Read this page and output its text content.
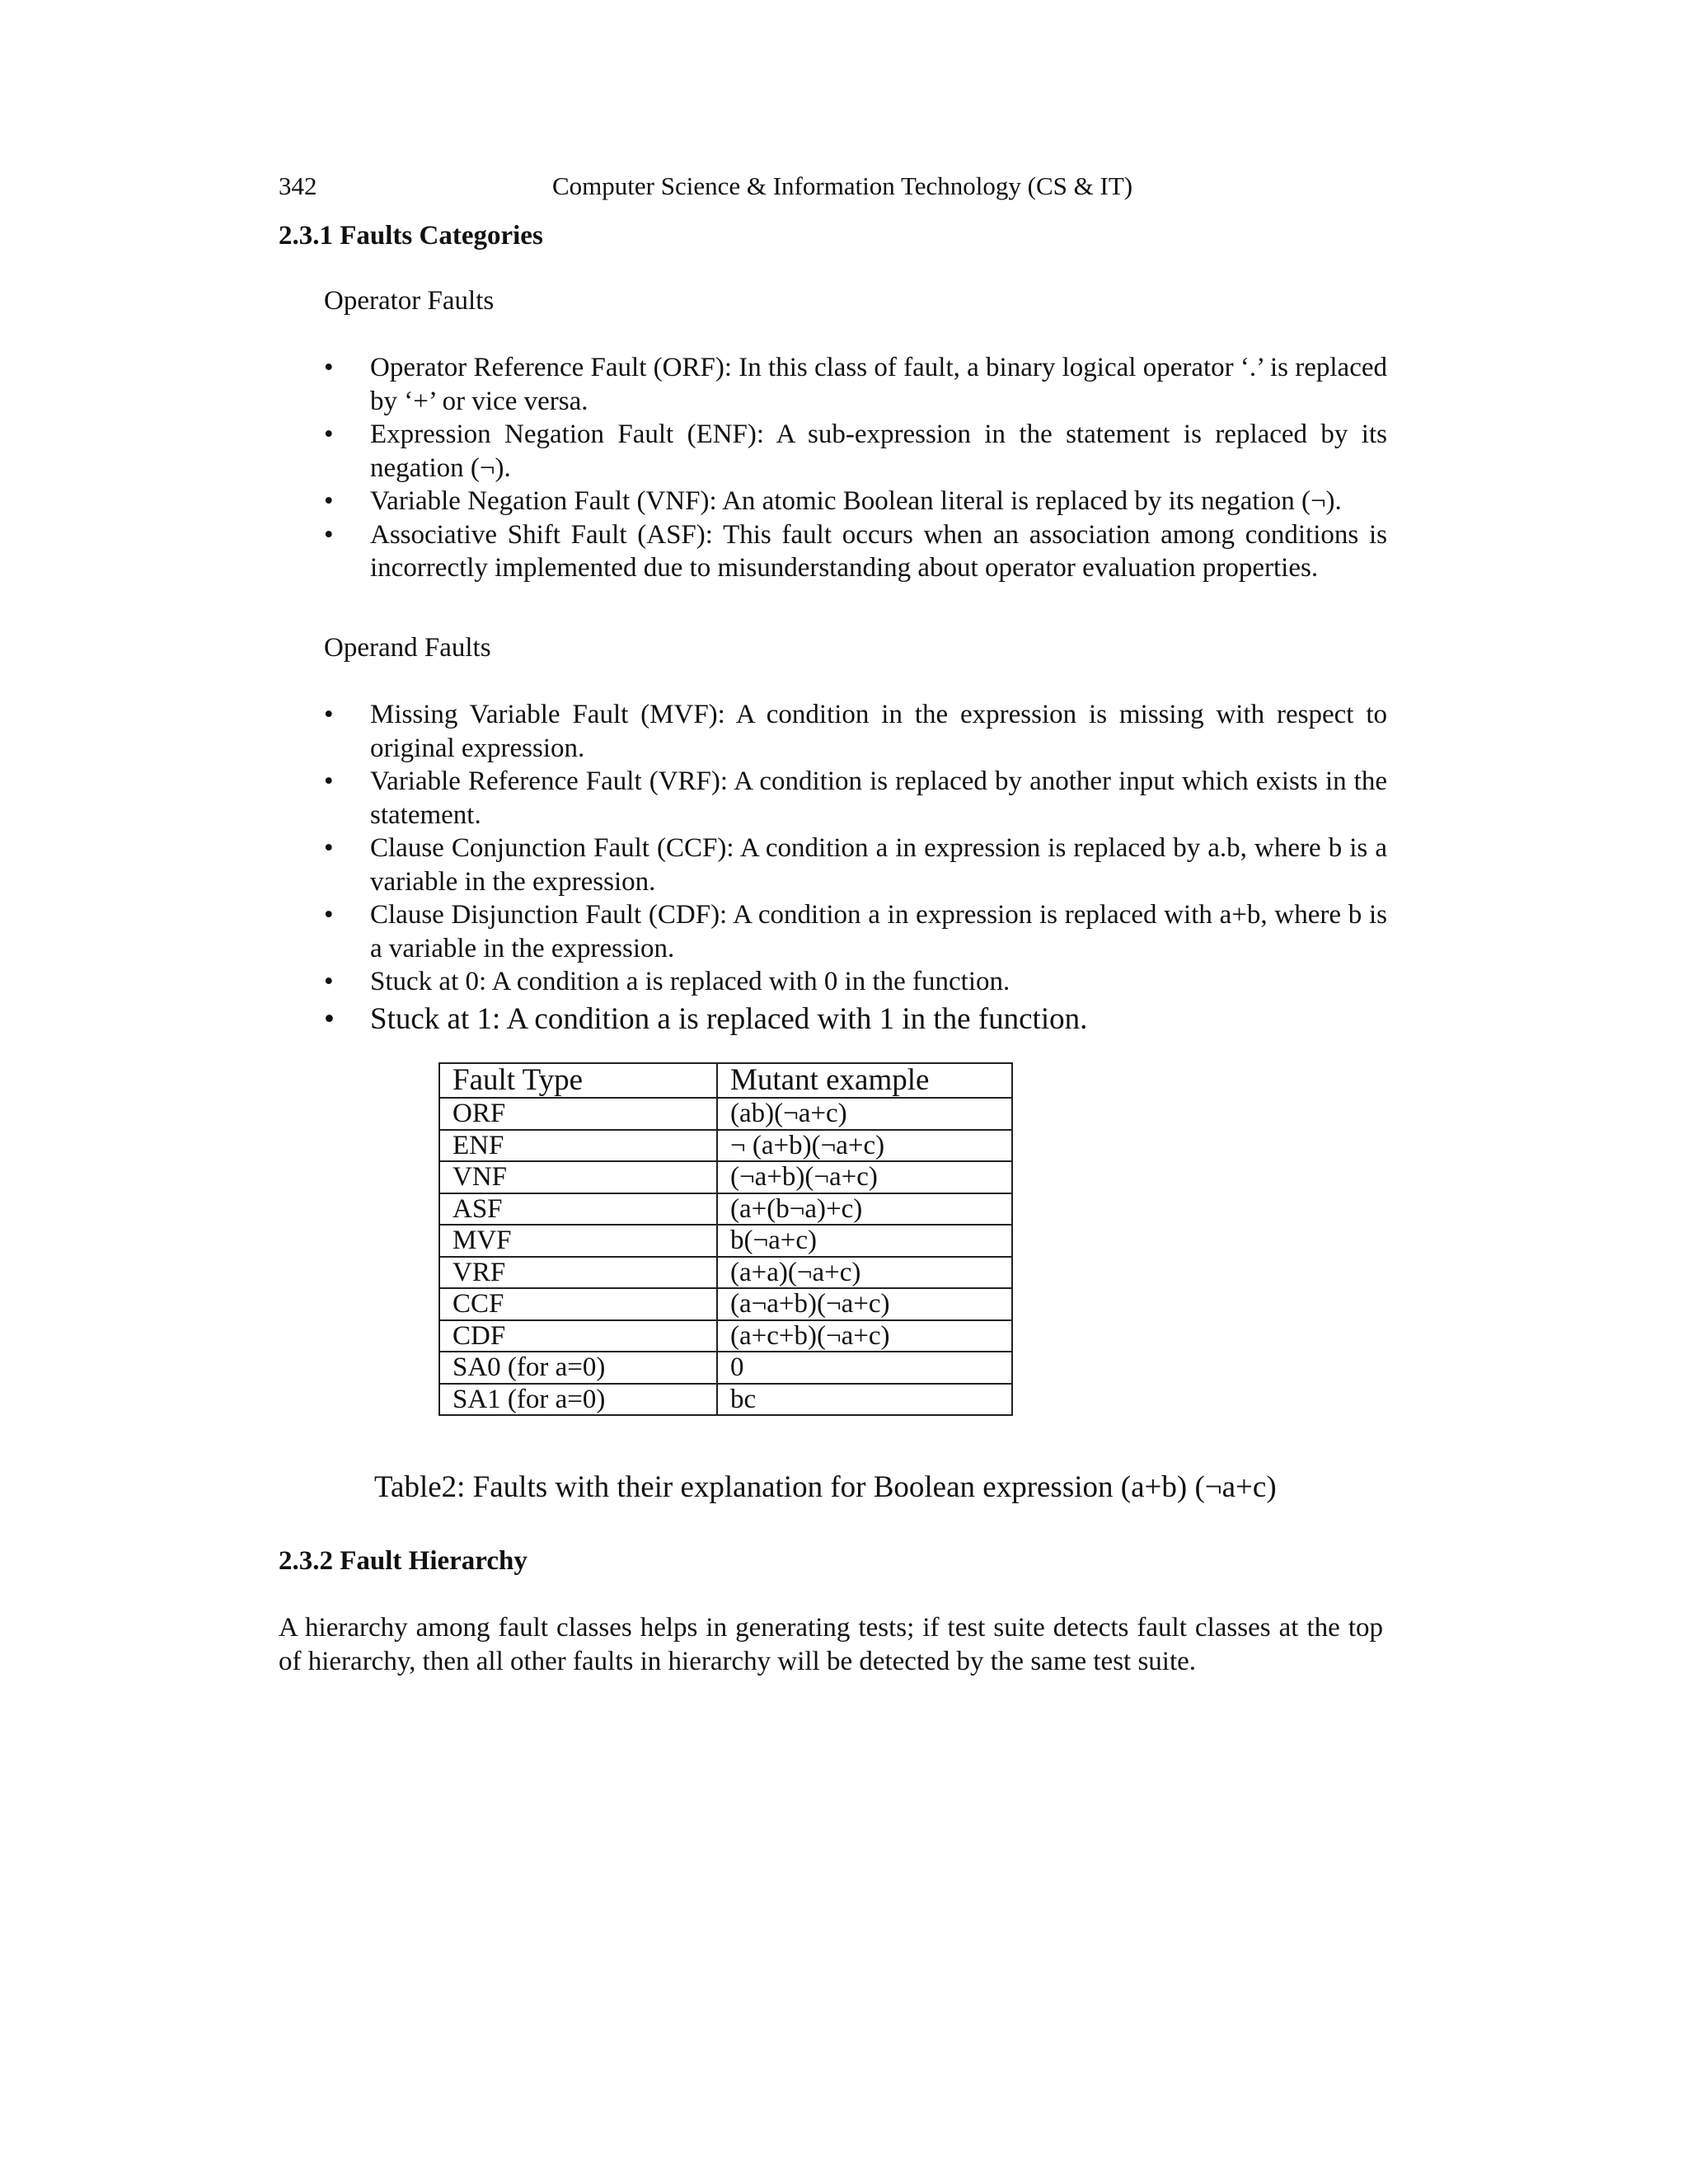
342	Computer Science & Information Technology (CS & IT)
2.3.1 Faults Categories
Operator Faults
• Operator Reference Fault (ORF): In this class of fault, a binary logical operator ‘.’ is replaced by ‘+’ or vice versa.
• Expression Negation Fault (ENF): A sub-expression in the statement is replaced by its negation (¬).
• Variable Negation Fault (VNF): An atomic Boolean literal is replaced by its negation (¬).
• Associative Shift Fault (ASF): This fault occurs when an association among conditions is incorrectly implemented due to misunderstanding about operator evaluation properties.
Operand Faults
• Missing Variable Fault (MVF): A condition in the expression is missing with respect to original expression.
• Variable Reference Fault (VRF): A condition is replaced by another input which exists in the statement.
• Clause Conjunction Fault (CCF): A condition a in expression is replaced by a.b, where b is a variable in the expression.
• Clause Disjunction Fault (CDF): A condition a in expression is replaced with a+b, where b is a variable in the expression.
• Stuck at 0: A condition a is replaced with 0 in the function.
• Stuck at 1: A condition a is replaced with 1 in the function.
Fault Type	Mutant example
ORF	(ab)(¬a+c)
ENF	¬ (a+b)(¬a+c)
VNF	(¬a+b)(¬a+c)
ASF	(a+(b¬a)+c)
MVF	b(¬a+c)
VRF	(a+a)(¬a+c)
CCF	(a¬a+b)(¬a+c)
CDF	(a+c+b)(¬a+c)
SA0 (for a=0)	0
SA1 (for a=0)	bc
Table2: Faults with their explanation for Boolean expression (a+b) (¬a+c)
2.3.2 Fault Hierarchy

A hierarchy among fault classes helps in generating tests; if test suite detects fault classes at the top of hierarchy, then all other faults in hierarchy will be detected by the same test suite.
